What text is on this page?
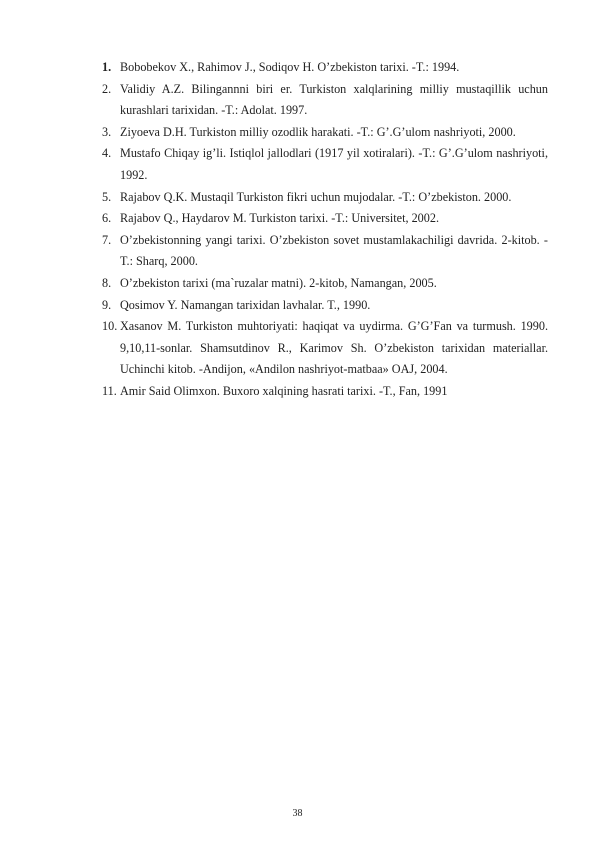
1. Bobobekov X., Rahimov J., Sodiqov H. O’zbekiston tarixi. -T.: 1994.
2. Validiy A.Z. Bilingannni biri er. Turkiston xalqlarining milliy mustaqillik uchun kurashlari tarixidan. -T.: Adolat. 1997.
3. Ziyoeva D.H. Turkiston milliy ozodlik harakati. -T.: G’.G’ulom nashriyoti, 2000.
4. Mustafo Chiqay ig’li. Istiqlol jallodlari (1917 yil xotiralari). -T.: G’.G’ulom nashriyoti, 1992.
5. Rajabov Q.K. Mustaqil Turkiston fikri uchun mujodalar. -T.: O’zbekiston. 2000.
6. Rajabov Q., Haydarov M. Turkiston tarixi. -T.: Universitet, 2002.
7. O’zbekistonning yangi tarixi. O’zbekiston sovet mustamlakachiligi davrida. 2-kitob. -T.: Sharq, 2000.
8. O’zbekiston tarixi (ma`ruzalar matni). 2-kitob, Namangan, 2005.
9. Qosimov Y. Namangan tarixidan lavhalar. T., 1990.
10. Xasanov M. Turkiston muhtoriyati: haqiqat va uydirma. G’G’Fan va turmush. 1990. 9,10,11-sonlar. Shamsutdinov R., Karimov Sh. O’zbekiston tarixidan materiallar. Uchinchi kitob. -Andijon, «Andilon nashriyot-matbaa» OAJ, 2004.
11. Amir Said Olimxon. Buxoro xalqining hasrati tarixi. -T., Fan, 1991
38
